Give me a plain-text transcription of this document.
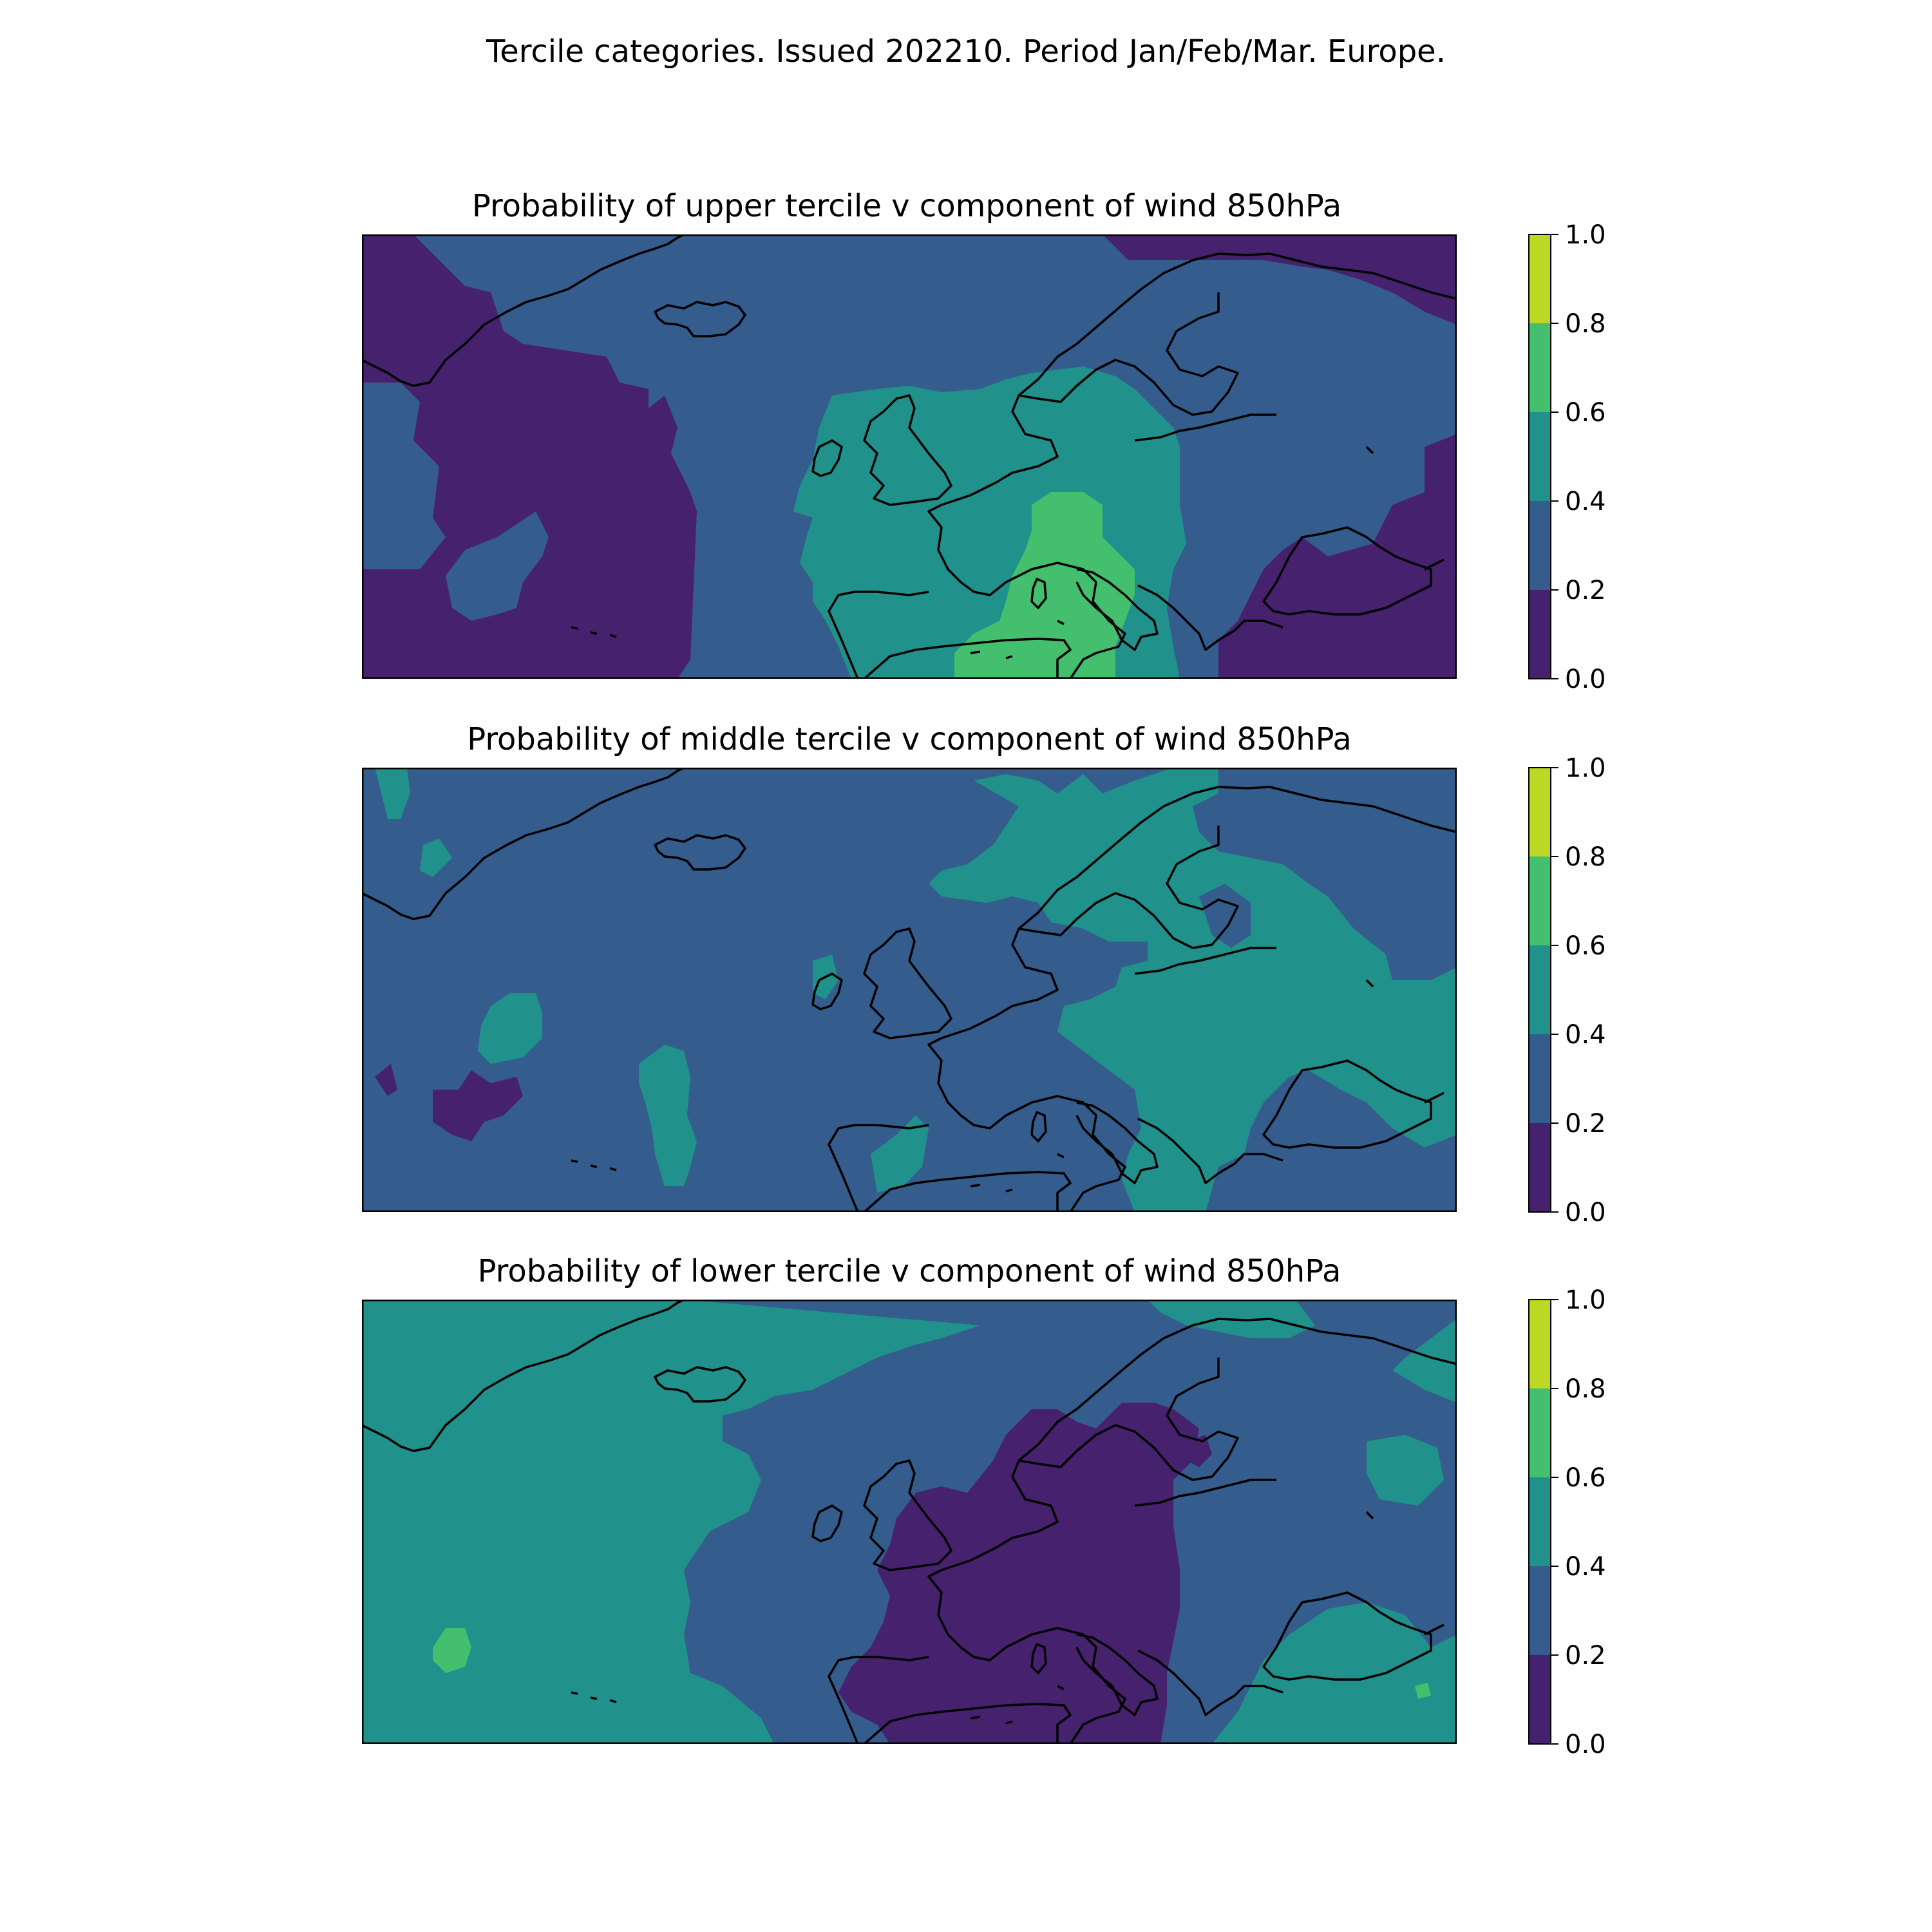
Tercile categories. Issued 202210. Period Jan/Feb/Mar. Europe.
Probability of upper tercile v component of wind 850hPa
0.0
0.2
0.4
0.6
0.8
1.0
Probability of middle tercile v component of wind 850hPa
0.0
0.2
0.4
0.6
0.8
1.0
Probability of lower tercile v component of wind 850hPa
0.0
0.2
0.4
0.6
0.8
1.0
